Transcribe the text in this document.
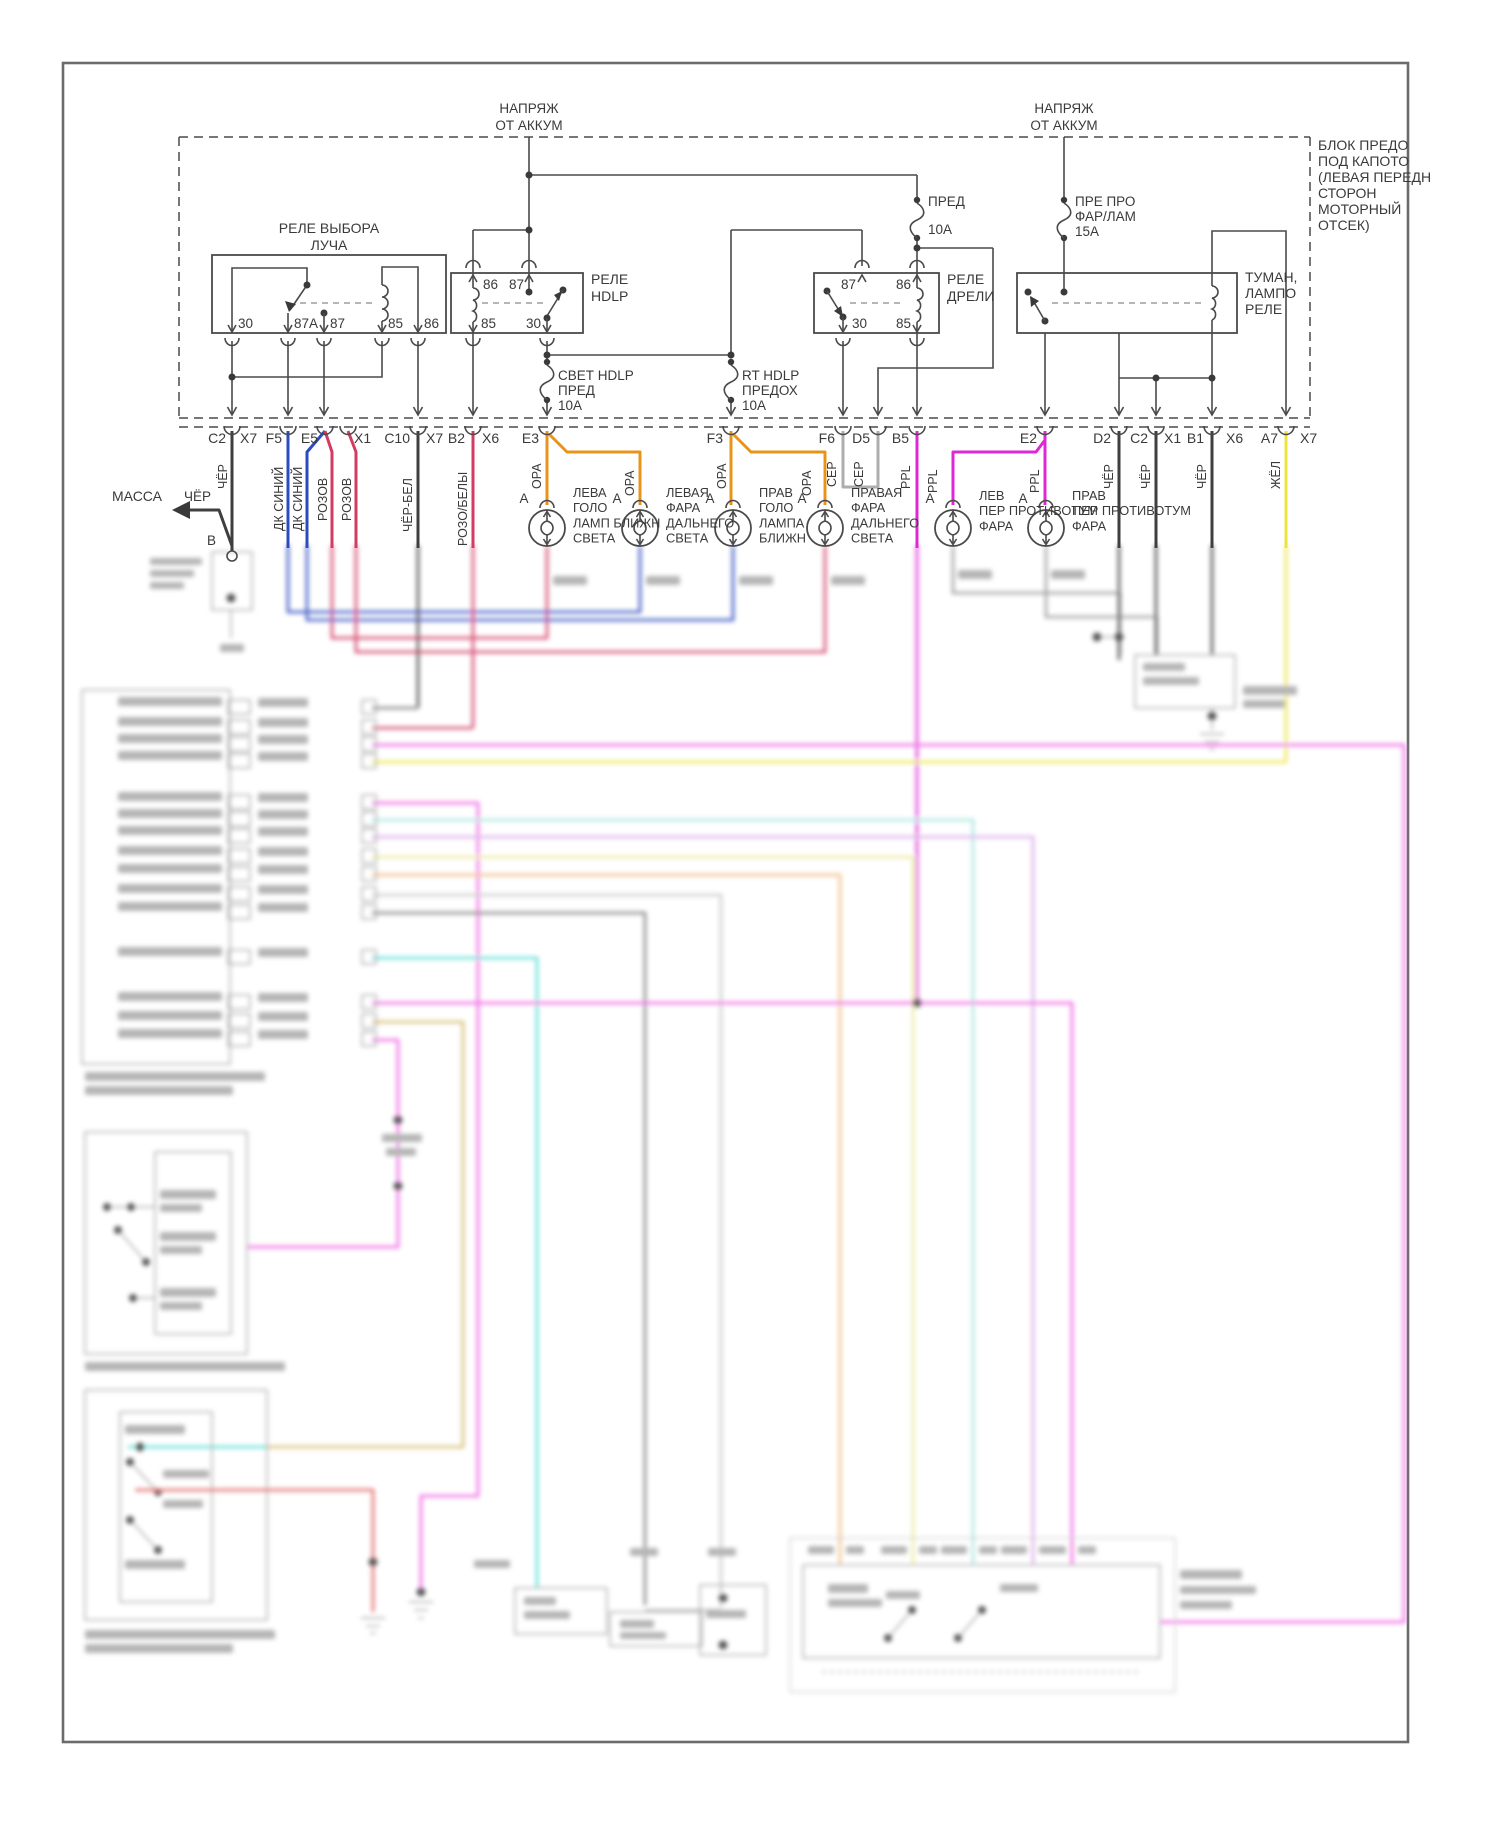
НАПРЯЖ
ОТ АККУМ
НАПРЯЖ
ОТ АККУМ
БЛОК ПРЕДО
ПОД КАПОТО
(ЛЕВАЯ ПЕРЕДН
СТОРОН
МОТОРНЫЙ
ОТСЕК)
РЕЛЕ ВЫБОРА
ЛУЧА
РЕЛЕ
HDLP
РЕЛЕ
ДРЕЛИ
ТУМАН,
ЛАМПО
РЕЛЕ
30	87A 87	85 86
86 87
85 30
87	86
30 85
ПРЕД
10A
ПРЕ ПРО
ФАР/ЛАМ
15A
СВЕТ HDLP
ПРЕД
10A
RT HDLP
ПРЕДОХ
10A
C2 X7 F5 E5	X1 C10 X7 B2 X6 E3	F3	F6 D5 B5	E2	D2 C2 X1 B1 X6 A7 X7
ЧЁР	ДК СИНИЙ ДК СИНИЙ РОЗОВ РОЗОВ	ЧЁР-БЕЛ	РОЗО/БЕЛЫ	ОРА	ОРА	ОРА	ОРА СЕР СЕР	PPL PPL	PPL	ЧЁР ЧЁР	ЧЁР	ЖЁЛ
МАССА ЧЁР
B
А	ЛЕВА
ГОЛО
ЛАМП БЛИЖН
СВЕТА
А	ЛЕВАЯ
ФАРА
ДАЛЬНЕГО
СВЕТА
А	ПРАВ
ГОЛО
ЛАМПА
БЛИЖН
А	ПРАВАЯ
ФАРА
ДАЛЬНЕГО
СВЕТА
А	ЛЕВ
ПЕР ПРОТИВОТУМ
ФАРА
А	ПРАВ
ПЕР ПРОТИВОТУМ
ФАРА
